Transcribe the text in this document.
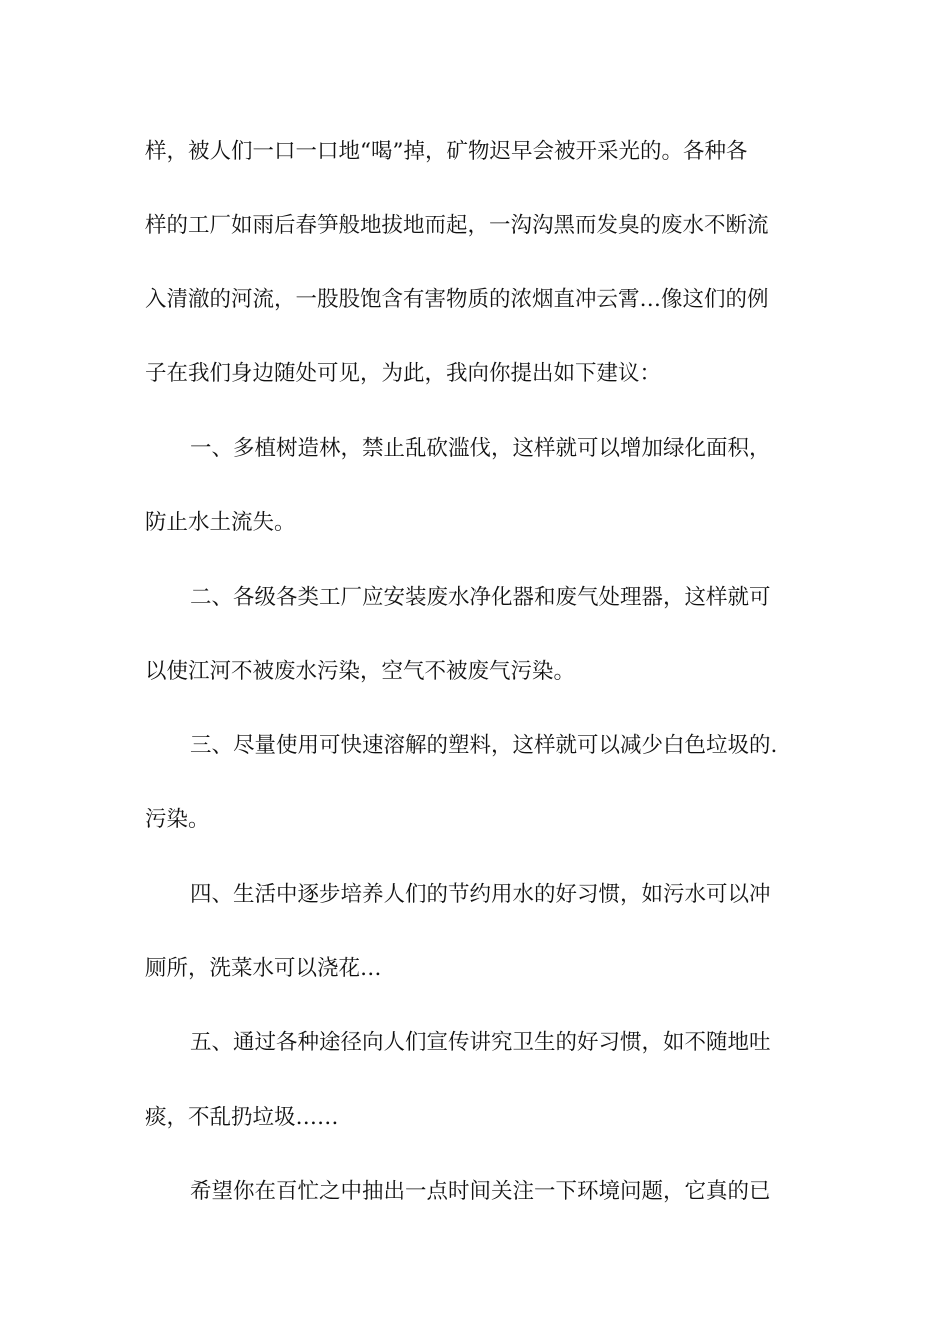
样，被人们一口一口地“喝”掉，矿物迟早会被开采光的。各种各
样的工厂如雨后春笋般地拔地而起，一沟沟黑而发臭的废水不断流
入清澈的河流，一股股饱含有害物质的浓烟直冲云霄…像这们的例
子在我们身边随处可见，为此，我向你提出如下建议：
一、多植树造林，禁止乱砍滥伐，这样就可以增加绿化面积，
防止水土流失。
二、各级各类工厂应安装废水净化器和废气处理器，这样就可
以使江河不被废水污染，空气不被废气污染。
三、尽量使用可快速溶解的塑料，这样就可以减少白色垃圾的.
污染。
四、生活中逐步培养人们的节约用水的好习惯，如污水可以冲
厕所，洗菜水可以浇花…
五、通过各种途径向人们宣传讲究卫生的好习惯，如不随地吐
痰，不乱扔垃圾……
希望你在百忙之中抽出一点时间关注一下环境问题，它真的已
